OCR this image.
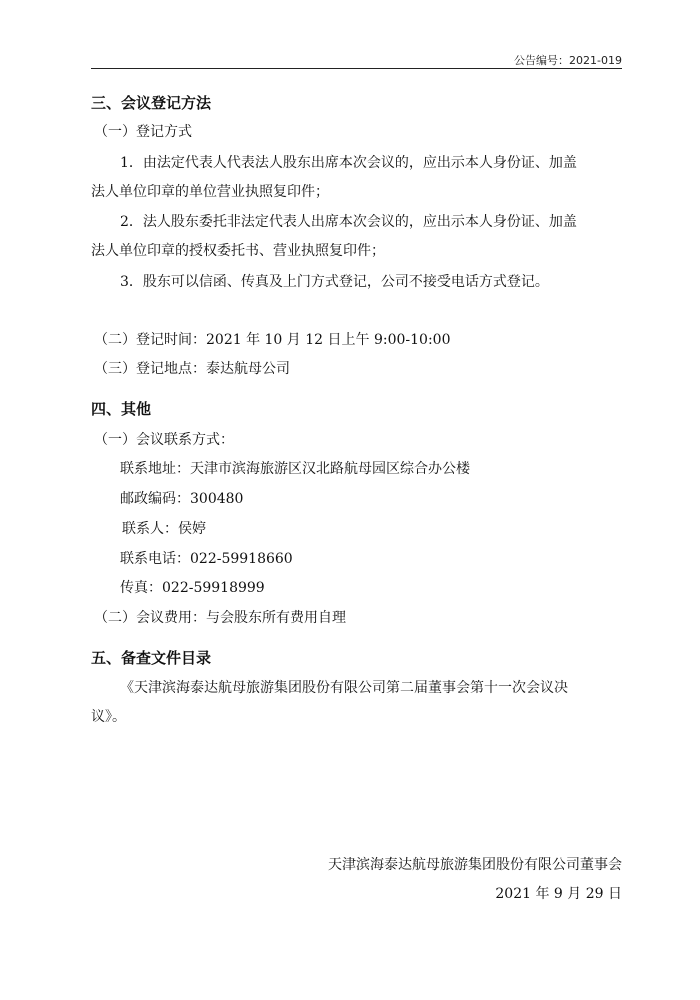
公告编号：2021-019
三、会议登记方法
（一）登记方式
1．由法定代表人代表法人股东出席本次会议的，应出示本人身份证、加盖
法人单位印章的单位营业执照复印件；
2．法人股东委托非法定代表人出席本次会议的，应出示本人身份证、加盖
法人单位印章的授权委托书、营业执照复印件；
3．股东可以信函、传真及上门方式登记，公司不接受电话方式登记。
（二）登记时间：2021 年 10 月 12 日上午 9:00-10:00
（三）登记地点：泰达航母公司
四、其他
（一）会议联系方式：
联系地址：天津市滨海旅游区汉北路航母园区综合办公楼
邮政编码：300480
联系人：侯婷
联系电话：022-59918660
传真：022-59918999
（二）会议费用：与会股东所有费用自理
五、备查文件目录
《天津滨海泰达航母旅游集团股份有限公司第二届董事会第十一次会议决
议》。
天津滨海泰达航母旅游集团股份有限公司董事会
2021 年 9 月 29 日
